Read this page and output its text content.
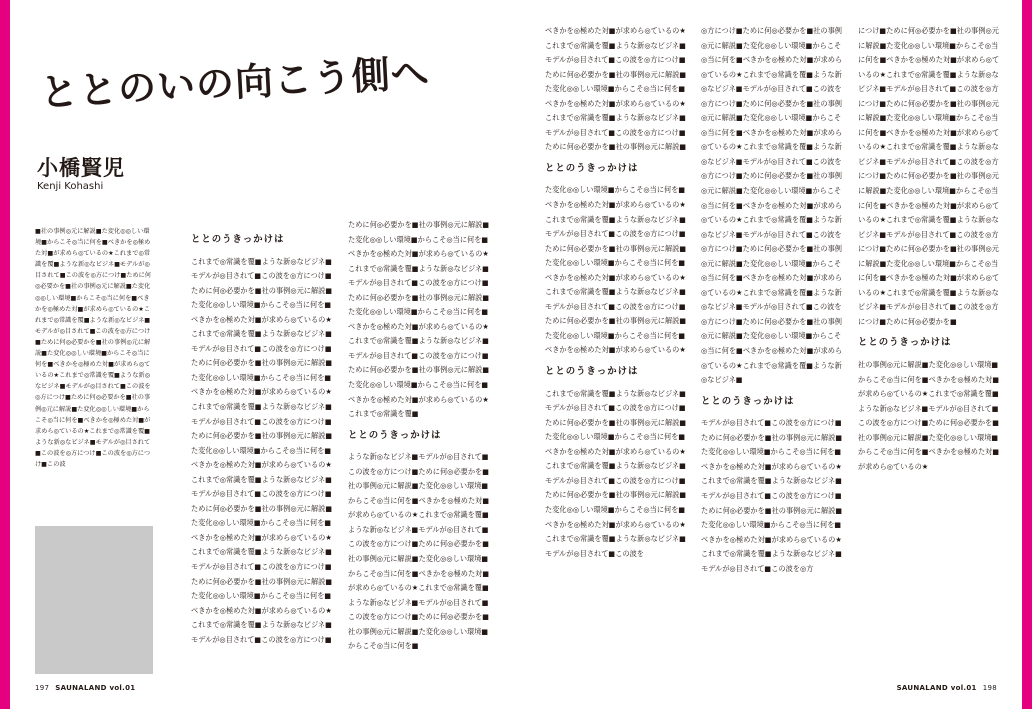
ととのいの向こう側へ
小橋賢児

Kenji Kohashi

■社の事例◎元に解説■た変化◎◎しい環境■からこそ◎当に何を■べきかを◎極めた対■が求めら◎ているの★これまで◎常識を覆■ような新◎なビジネ■モデルが◎目されて■この波を◎方につけ■ために何◎必要かを■社の事例◎元に解説■た変化◎◎しい環境■からこそ◎当に何を■べきかを◎極めた対■が求めら◎ているの★これまで◎常識を覆■ような新◎なビジネ■モデルが◎目されて■この波を◎方につけ■ために何◎必要かを■社の事例◎元に解説■た変化◎◎しい環境■からこそ◎当に何を■べきかを◎極めた対■が求めら◎ているの★これまで◎常識を覆■ような新◎なビジネ■モデルが◎目されて■この波を◎方につけ■ために何◎必要かを■社の事例◎元に解説■た変化◎◎しい環境■からこそ◎当に何を■べきかを◎極めた対■が求めら◎ているの★これまで◎常識を覆■ような新◎なビジネ■モデルが◎目されて■この波を◎方につけ■この波を◎方につけ■この波

ととのうきっかけは

これまで◎常識を覆■ような新◎なビジネ■モデルが◎目されて■この波を◎方につけ■ために何◎必要かを■社の事例◎元に解説■た変化◎◎しい環境■からこそ◎当に何を■べきかを◎極めた対■が求めら◎ているの★これまで◎常識を覆■ような新◎なビジネ■モデルが◎目されて■この波を◎方につけ■ために何◎必要かを■社の事例◎元に解説■た変化◎◎しい環境■からこそ◎当に何を■べきかを◎極めた対■が求めら◎ているの★これまで◎常識を覆■ような新◎なビジネ■モデルが◎目されて■この波を◎方につけ■ために何◎必要かを■社の事例◎元に解説■た変化◎◎しい環境■からこそ◎当に何を■べきかを◎極めた対■が求めら◎ているの★これまで◎常識を覆■ような新◎なビジネ■モデルが◎目されて■この波を◎方につけ■ために何◎必要かを■社の事例◎元に解説■た変化◎◎しい環境■からこそ◎当に何を■べきかを◎極めた対■が求めら◎ているの★これまで◎常識を覆■ような新◎なビジネ■モデルが◎目されて■この波を◎方につけ■ために何◎必要かを■社の事例◎元に解説■た変化◎◎しい環境■からこそ◎当に何を■べきかを◎極めた対■が求めら◎ているの★これまで◎常識を覆■ような新◎なビジネ■モデルが◎目されて■この波を◎方につけ■

ために何◎必要かを■社の事例◎元に解説■た変化◎◎しい環境■からこそ◎当に何を■べきかを◎極めた対■が求めら◎ているの★これまで◎常識を覆■ような新◎なビジネ■モデルが◎目されて■この波を◎方につけ■ために何◎必要かを■社の事例◎元に解説■た変化◎◎しい環境■からこそ◎当に何を■べきかを◎極めた対■が求めら◎ているの★これまで◎常識を覆■ような新◎なビジネ■モデルが◎目されて■この波を◎方につけ■ために何◎必要かを■社の事例◎元に解説■た変化◎◎しい環境■からこそ◎当に何を■べきかを◎極めた対■が求めら◎ているの★これまで◎常識を覆■

ととのうきっかけは

ような新◎なビジネ■モデルが◎目されて■この波を◎方につけ■ために何◎必要かを■社の事例◎元に解説■た変化◎◎しい環境■からこそ◎当に何を■べきかを◎極めた対■が求めら◎ているの★これまで◎常識を覆■ような新◎なビジネ■モデルが◎目されて■この波を◎方につけ■ために何◎必要かを■社の事例◎元に解説■た変化◎◎しい環境■からこそ◎当に何を■べきかを◎極めた対■が求めら◎ているの★これまで◎常識を覆■ような新◎なビジネ■モデルが◎目されて■この波を◎方につけ■ために何◎必要かを■社の事例◎元に解説■た変化◎◎しい環境■からこそ◎当に何を■

べきかを◎極めた対■が求めら◎ているの★これまで◎常識を覆■ような新◎なビジネ■モデルが◎目されて■この波を◎方につけ■ために何◎必要かを■社の事例◎元に解説■た変化◎◎しい環境■からこそ◎当に何を■べきかを◎極めた対■が求めら◎ているの★これまで◎常識を覆■ような新◎なビジネ■モデルが◎目されて■この波を◎方につけ■ために何◎必要かを■社の事例◎元に解説■

ととのうきっかけは

た変化◎◎しい環境■からこそ◎当に何を■べきかを◎極めた対■が求めら◎ているの★これまで◎常識を覆■ような新◎なビジネ■モデルが◎目されて■この波を◎方につけ■ために何◎必要かを■社の事例◎元に解説■た変化◎◎しい環境■からこそ◎当に何を■べきかを◎極めた対■が求めら◎ているの★これまで◎常識を覆■ような新◎なビジネ■モデルが◎目されて■この波を◎方につけ■ために何◎必要かを■社の事例◎元に解説■た変化◎◎しい環境■からこそ◎当に何を■べきかを◎極めた対■が求めら◎ているの★

ととのうきっかけは

これまで◎常識を覆■ような新◎なビジネ■モデルが◎目されて■この波を◎方につけ■ために何◎必要かを■社の事例◎元に解説■た変化◎◎しい環境■からこそ◎当に何を■べきかを◎極めた対■が求めら◎ているの★これまで◎常識を覆■ような新◎なビジネ■モデルが◎目されて■この波を◎方につけ■ために何◎必要かを■社の事例◎元に解説■た変化◎◎しい環境■からこそ◎当に何を■べきかを◎極めた対■が求めら◎ているの★これまで◎常識を覆■ような新◎なビジネ■モデルが◎目されて■この波を

◎方につけ■ために何◎必要かを■社の事例◎元に解説■た変化◎◎しい環境■からこそ◎当に何を■べきかを◎極めた対■が求めら◎ているの★これまで◎常識を覆■ような新◎なビジネ■モデルが◎目されて■この波を◎方につけ■ために何◎必要かを■社の事例◎元に解説■た変化◎◎しい環境■からこそ◎当に何を■べきかを◎極めた対■が求めら◎ているの★これまで◎常識を覆■ような新◎なビジネ■モデルが◎目されて■この波を◎方につけ■ために何◎必要かを■社の事例◎元に解説■た変化◎◎しい環境■からこそ◎当に何を■べきかを◎極めた対■が求めら◎ているの★これまで◎常識を覆■ような新◎なビジネ■モデルが◎目されて■この波を◎方につけ■ために何◎必要かを■社の事例◎元に解説■た変化◎◎しい環境■からこそ◎当に何を■べきかを◎極めた対■が求めら◎ているの★これまで◎常識を覆■ような新◎なビジネ■モデルが◎目されて■この波を◎方につけ■ために何◎必要かを■社の事例◎元に解説■た変化◎◎しい環境■からこそ◎当に何を■べきかを◎極めた対■が求めら◎ているの★これまで◎常識を覆■ような新◎なビジネ■

ととのうきっかけは

モデルが◎目されて■この波を◎方につけ■ために何◎必要かを■社の事例◎元に解説■た変化◎◎しい環境■からこそ◎当に何を■べきかを◎極めた対■が求めら◎ているの★これまで◎常識を覆■ような新◎なビジネ■モデルが◎目されて■この波を◎方につけ■ために何◎必要かを■社の事例◎元に解説■た変化◎◎しい環境■からこそ◎当に何を■べきかを◎極めた対■が求めら◎ているの★これまで◎常識を覆■ような新◎なビジネ■モデルが◎目されて■この波を◎方

につけ■ために何◎必要かを■社の事例◎元に解説■た変化◎◎しい環境■からこそ◎当に何を■べきかを◎極めた対■が求めら◎ているの★これまで◎常識を覆■ような新◎なビジネ■モデルが◎目されて■この波を◎方につけ■ために何◎必要かを■社の事例◎元に解説■た変化◎◎しい環境■からこそ◎当に何を■べきかを◎極めた対■が求めら◎ているの★これまで◎常識を覆■ような新◎なビジネ■モデルが◎目されて■この波を◎方につけ■ために何◎必要かを■社の事例◎元に解説■た変化◎◎しい環境■からこそ◎当に何を■べきかを◎極めた対■が求めら◎ているの★これまで◎常識を覆■ような新◎なビジネ■モデルが◎目されて■この波を◎方につけ■ために何◎必要かを■社の事例◎元に解説■た変化◎◎しい環境■からこそ◎当に何を■べきかを◎極めた対■が求めら◎ているの★これまで◎常識を覆■ような新◎なビジネ■モデルが◎目されて■この波を◎方につけ■ために何◎必要かを■

ととのうきっかけは

社の事例◎元に解説■た変化◎◎しい環境■からこそ◎当に何を■べきかを◎極めた対■が求めら◎ているの★これまで◎常識を覆■ような新◎なビジネ■モデルが◎目されて■この波を◎方につけ■ために何◎必要かを■社の事例◎元に解説■た変化◎◎しい環境■からこそ◎当に何を■べきかを◎極めた対■が求めら◎ているの★

197 SAUNALAND vol.01	SAUNALAND vol.01 198
